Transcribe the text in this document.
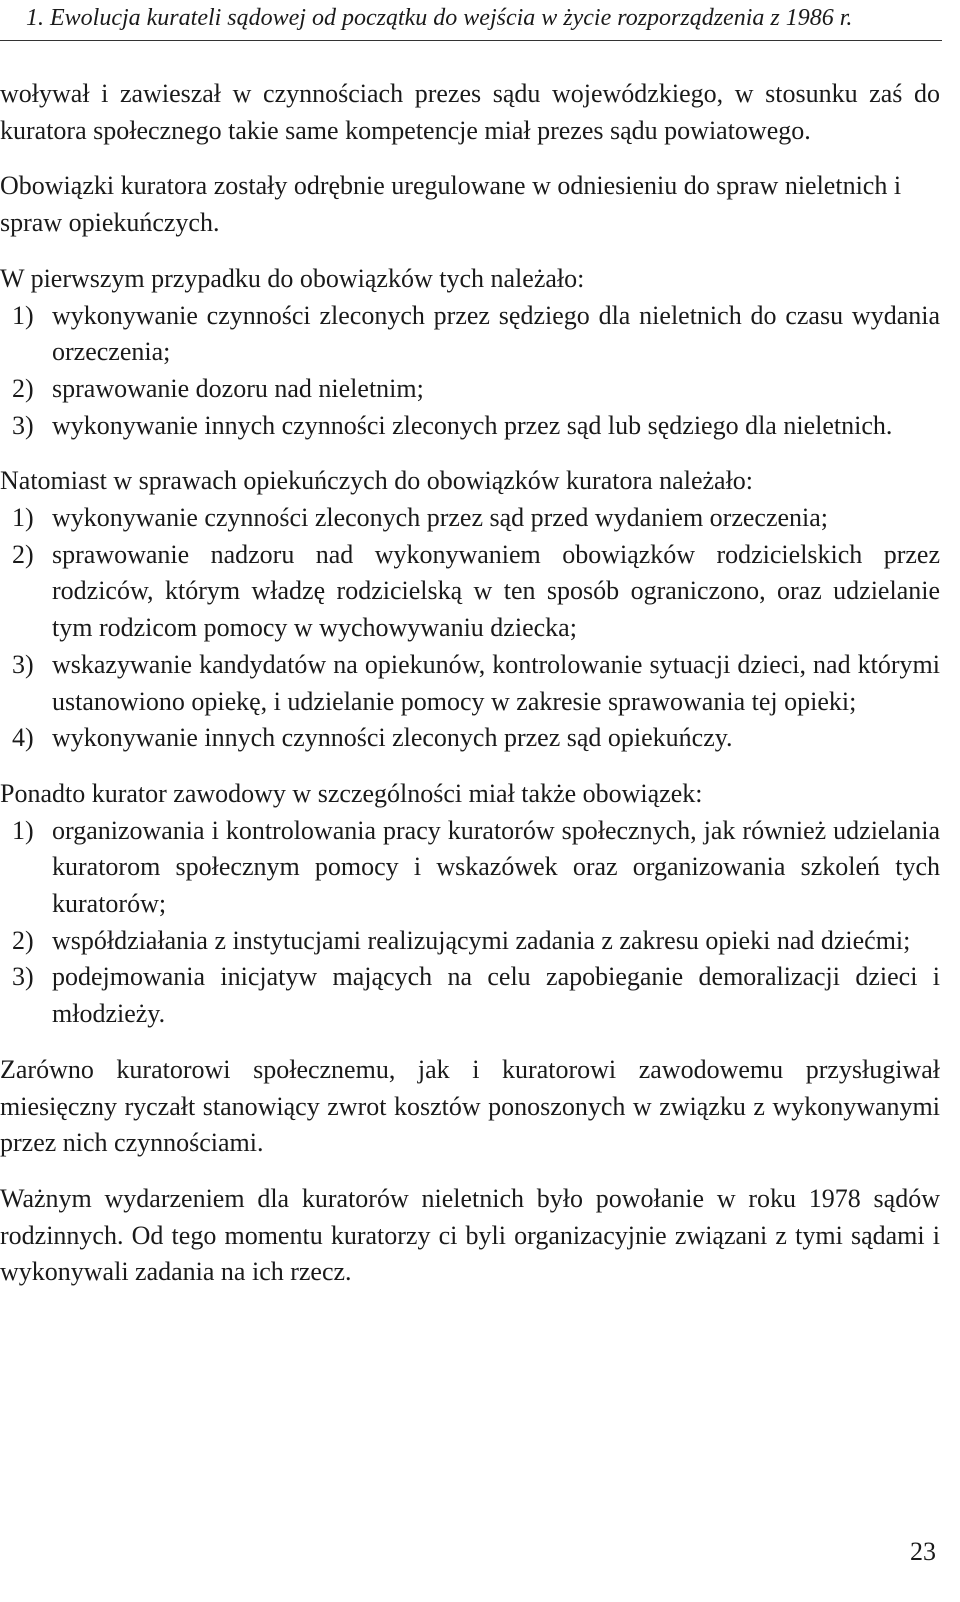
1. Ewolucja kurateli sądowej od początku do wejścia w życie rozporządzenia z 1986 r.

woływał i zawieszał w czynnościach prezes sądu wojewódzkiego, w stosunku zaś do kuratora społecznego takie same kompetencje miał prezes sądu powiatowego.

Obowiązki kuratora zostały odrębnie uregulowane w odniesieniu do spraw nieletnich i spraw opiekuńczych.

W pierwszym przypadku do obowiązków tych należało:
1) wykonywanie czynności zleconych przez sędziego dla nieletnich do czasu wydania orzeczenia;
2) sprawowanie dozoru nad nieletnim;
3) wykonywanie innych czynności zleconych przez sąd lub sędziego dla nieletnich.
Natomiast w sprawach opiekuńczych do obowiązków kuratora należało:
1) wykonywanie czynności zleconych przez sąd przed wydaniem orzeczenia;
2) sprawowanie nadzoru nad wykonywaniem obowiązków rodzicielskich przez rodziców, którym władzę rodzicielską w ten sposób ograniczono, oraz udzielanie tym rodzicom pomocy w wychowywaniu dziecka;
3) wskazywanie kandydatów na opiekunów, kontrolowanie sytuacji dzieci, nad którymi ustanowiono opiekę, i udzielanie pomocy w zakresie sprawowania tej opieki;
4) wykonywanie innych czynności zleconych przez sąd opiekuńczy.
Ponadto kurator zawodowy w szczególności miał także obowiązek:
1) organizowania i kontrolowania pracy kuratorów społecznych, jak również udzielania kuratorom społecznym pomocy i wskazówek oraz organizowania szkoleń tych kuratorów;
2) współdziałania z instytucjami realizującymi zadania z zakresu opieki nad dziećmi;
3) podejmowania inicjatyw mających na celu zapobieganie demoralizacji dzieci i młodzieży.

Zarówno kuratorowi społecznemu, jak i kuratorowi zawodowemu przysługiwał miesięczny ryczałt stanowiący zwrot kosztów ponoszonych w związku z wykonywanymi przez nich czynnościami.

Ważnym wydarzeniem dla kuratorów nieletnich było powołanie w roku 1978 sądów rodzinnych. Od tego momentu kuratorzy ci byli organizacyjnie związani z tymi sądami i wykonywali zadania na ich rzecz.

23
